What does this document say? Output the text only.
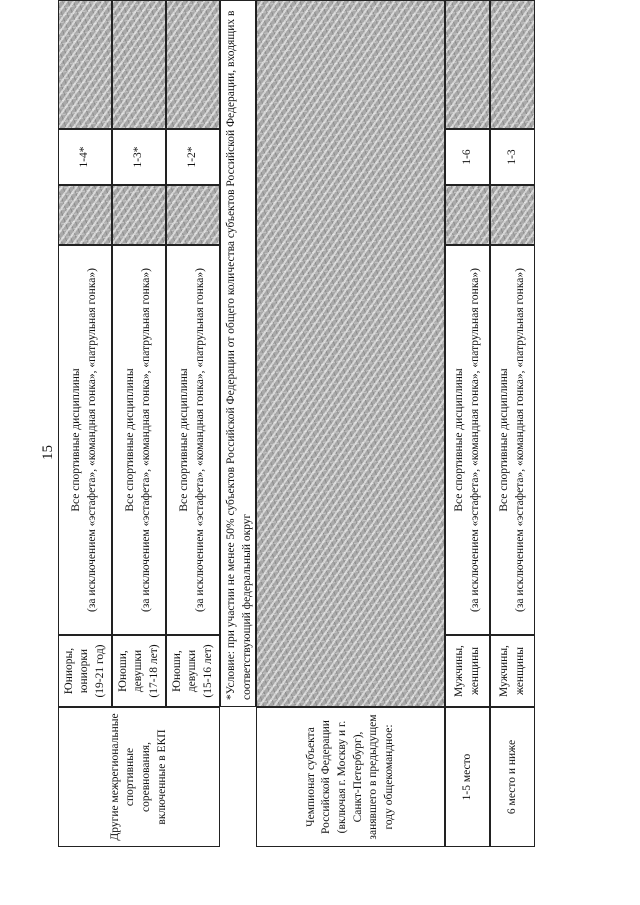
15
Другие межрегиональные спортивные соревнования, включенные в ЕКП
Юниоры, юниорки (19-21 год)
Все спортивные дисциплины (за исключением «эстафета», «командная гонка», «патрульная гонка»)
1-4*
Юноши, девушки (17-18 лет)
Все спортивные дисциплины (за исключением «эстафета», «командная гонка», «патрульная гонка»)
1-3*
Юноши, девушки (15-16 лет)
Все спортивные дисциплины (за исключением «эстафета», «командная гонка», «патрульная гонка»)
1-2*	*Условие: при участии не менее 50% субъектов Российской Федерации от общего количества субъектов Российской Федерации, входящих в соответствующий федеральный округ
Чемпионат субъекта Российской Федерации (включая г. Москву и г. Санкт-Петербург), занявшего в предыдущем году общекомандное:	1-5 место
Мужчины, женщины
Все спортивные дисциплины (за исключением «эстафета», «командная гонка», «патрульная гонка»)
1-6
6 место и ниже
Мужчины, женщины
Все спортивные дисциплины (за исключением «эстафета», «командная гонка», «патрульная гонка»)
1-3
